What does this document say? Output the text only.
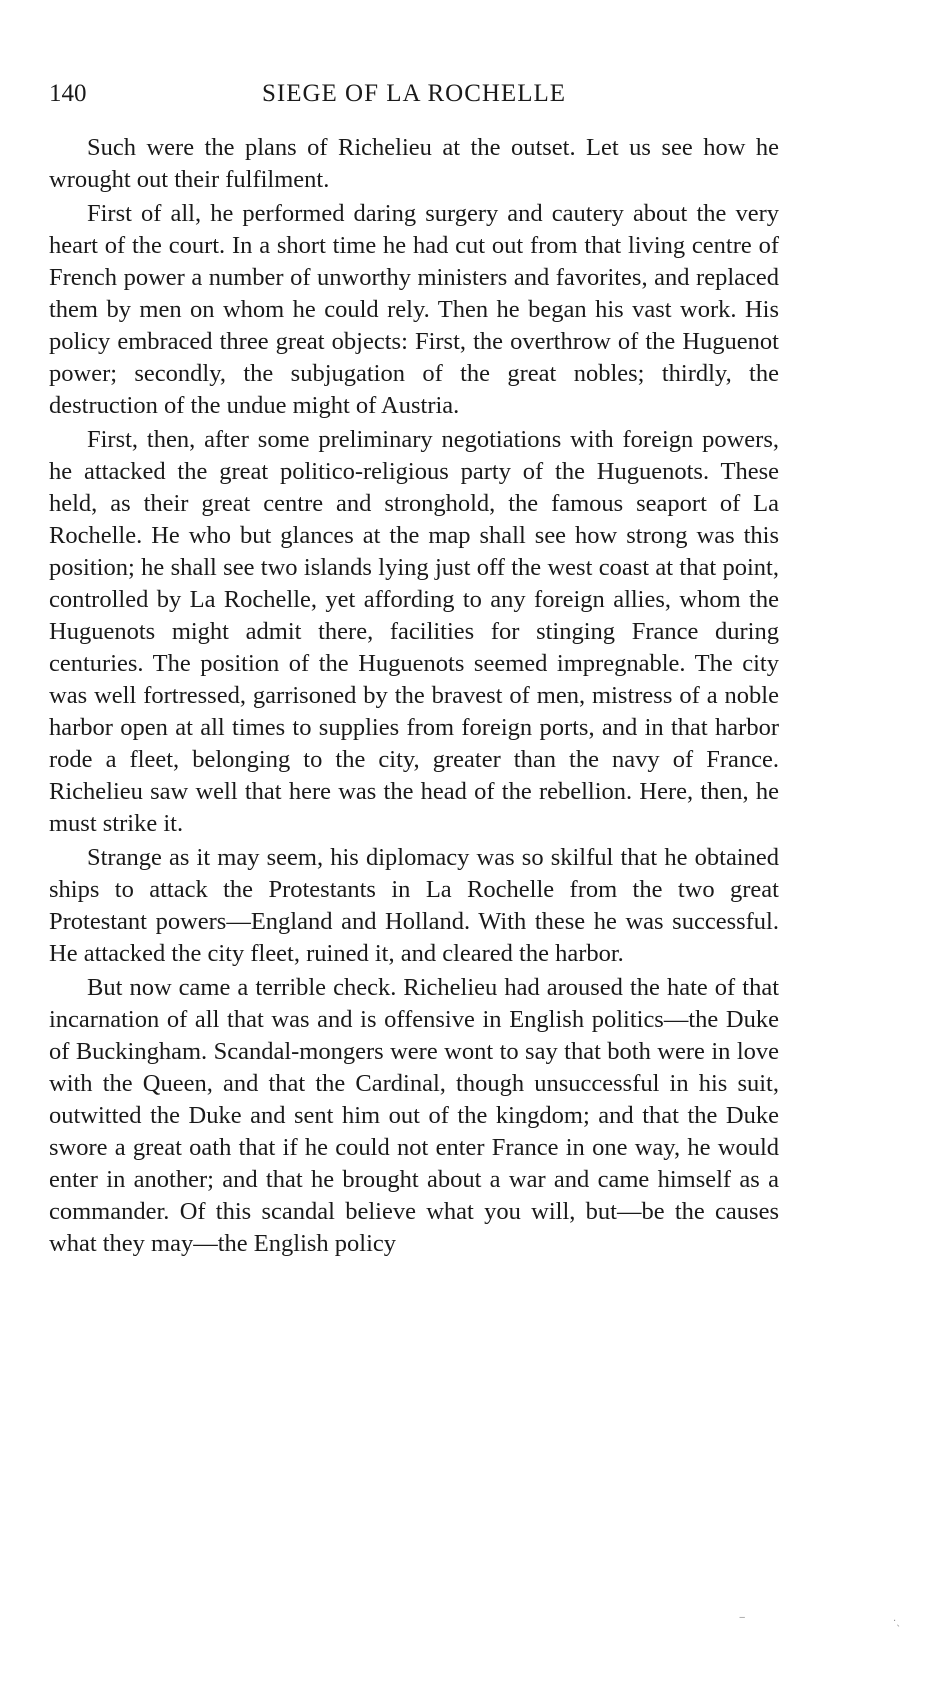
140	SIEGE OF LA ROCHELLE

Such were the plans of Richelieu at the outset. Let us see how he wrought out their fulfilment.

First of all, he performed daring surgery and cautery about the very heart of the court. In a short time he had cut out from that living centre of French power a number of unworthy ministers and favorites, and replaced them by men on whom he could rely. Then he began his vast work. His policy embraced three great objects: First, the overthrow of the Huguenot power; secondly, the subjugation of the great nobles; thirdly, the destruction of the undue might of Austria.

First, then, after some preliminary negotiations with foreign powers, he attacked the great politico-religious party of the Huguenots. These held, as their great centre and stronghold, the famous seaport of La Rochelle. He who but glances at the map shall see how strong was this position; he shall see two islands lying just off the west coast at that point, controlled by La Rochelle, yet affording to any foreign allies, whom the Huguenots might admit there, facilities for stinging France during centuries. The position of the Huguenots seemed impregnable. The city was well fortressed, garrisoned by the bravest of men, mistress of a noble harbor open at all times to supplies from foreign ports, and in that harbor rode a fleet, belonging to the city, greater than the navy of France. Richelieu saw well that here was the head of the rebellion. Here, then, he must strike it.

Strange as it may seem, his diplomacy was so skilful that he obtained ships to attack the Protestants in La Rochelle from the two great Protestant powers—England and Holland. With these he was successful. He attacked the city fleet, ruined it, and cleared the harbor.

But now came a terrible check. Richelieu had aroused the hate of that incarnation of all that was and is offensive in English politics—the Duke of Buckingham. Scandal-mongers were wont to say that both were in love with the Queen, and that the Cardinal, though unsuccessful in his suit, outwitted the Duke and sent him out of the kingdom; and that the Duke swore a great oath that if he could not enter France in one way, he would enter in another; and that he brought about a war and came himself as a commander. Of this scandal believe what you will, but—be the causes what they may—the English policy

‒	·ˎ
